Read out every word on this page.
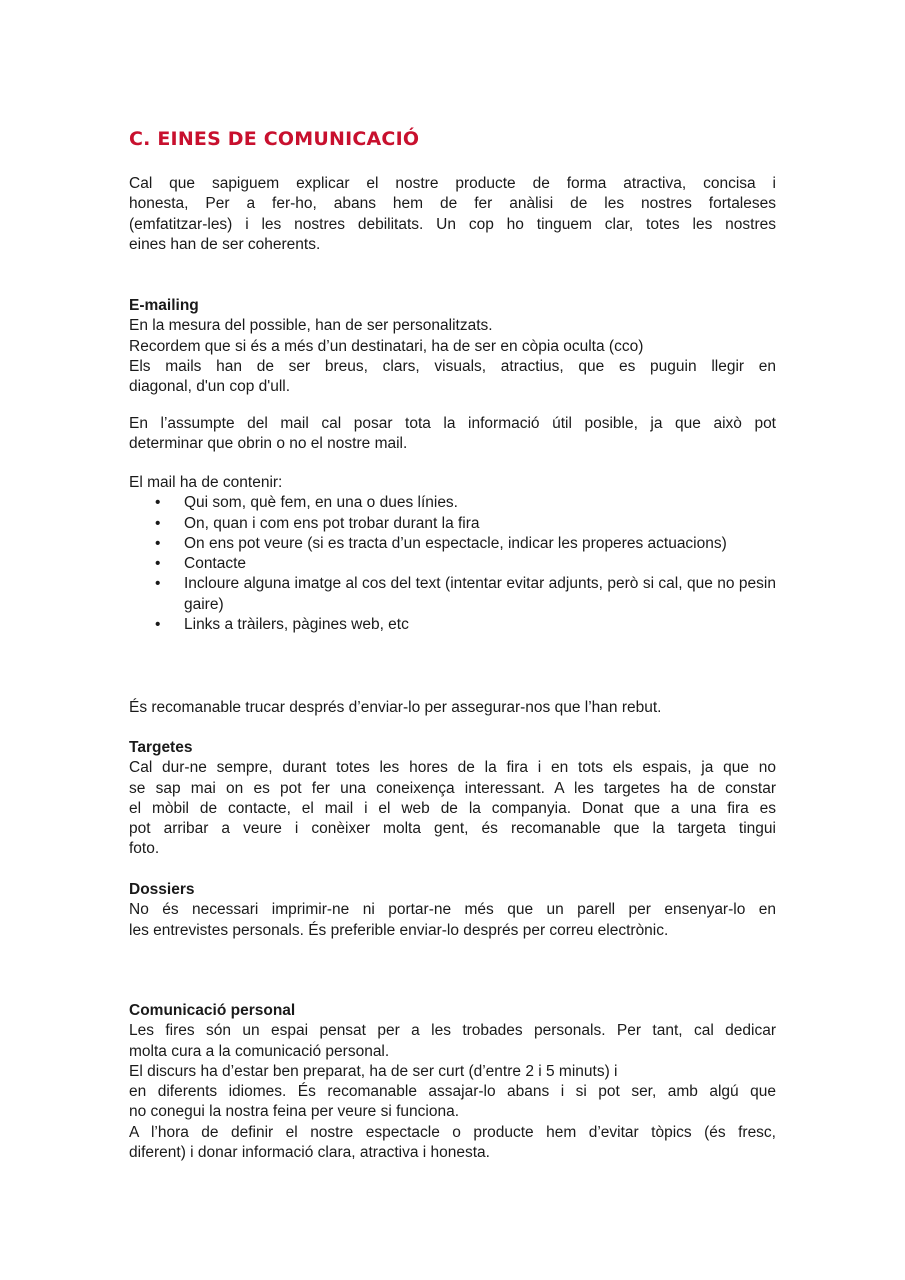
C. EINES DE COMUNICACIÓ

Cal que sapiguem explicar el nostre producte de forma atractiva, concisa i

honesta, Per a fer-ho, abans hem de fer anàlisi de les nostres fortaleses

(emfatitzar-les) i les nostres debilitats. Un cop ho tinguem clar, totes les nostres

eines han de ser coherents.

E-mailing

En la mesura del possible, han de ser personalitzats.

Recordem que si és a més d’un destinatari, ha de ser en còpia oculta (cco)

Els mails han de ser breus, clars, visuals, atractius, que es puguin llegir en

diagonal, d'un cop d'ull.

En l’assumpte del mail cal posar tota la informació útil posible, ja que això pot

determinar que obrin o no el nostre mail.

El mail ha de contenir:

• Qui som, què fem, en una o dues línies.
• On, quan i com ens pot trobar durant la fira
• On ens pot veure (si es tracta d’un espectacle, indicar les properes actuacions)
• Contacte
• Incloure alguna imatge al cos del text (intentar evitar adjunts, però si cal, que no pesin gaire)
• Links a tràilers, pàgines web, etc

És recomanable trucar després d’enviar-lo per assegurar-nos que l’han rebut.

Targetes

Cal dur-ne sempre, durant totes les hores de la fira i en tots els espais, ja que no

se sap mai on es pot fer una coneixença interessant. A les targetes ha de constar

el mòbil de contacte, el mail i el web de la companyia. Donat que a una fira es

pot arribar a veure i conèixer molta gent, és recomanable que la targeta tingui

foto.

Dossiers

No és necessari imprimir-ne ni portar-ne més que un parell per ensenyar-lo en

les entrevistes personals. És preferible enviar-lo després per correu electrònic.

Comunicació personal

Les fires són un espai pensat per a les trobades personals. Per tant, cal dedicar

molta cura a la comunicació personal.

El discurs ha d’estar ben preparat, ha de ser curt (d’entre 2 i 5 minuts) i

en diferents idiomes. És recomanable assajar-lo abans i si pot ser, amb algú que

no conegui la nostra feina per veure si funciona.

A l’hora de definir el nostre espectacle o producte hem d’evitar tòpics (és fresc,

diferent) i donar informació clara, atractiva i honesta.
